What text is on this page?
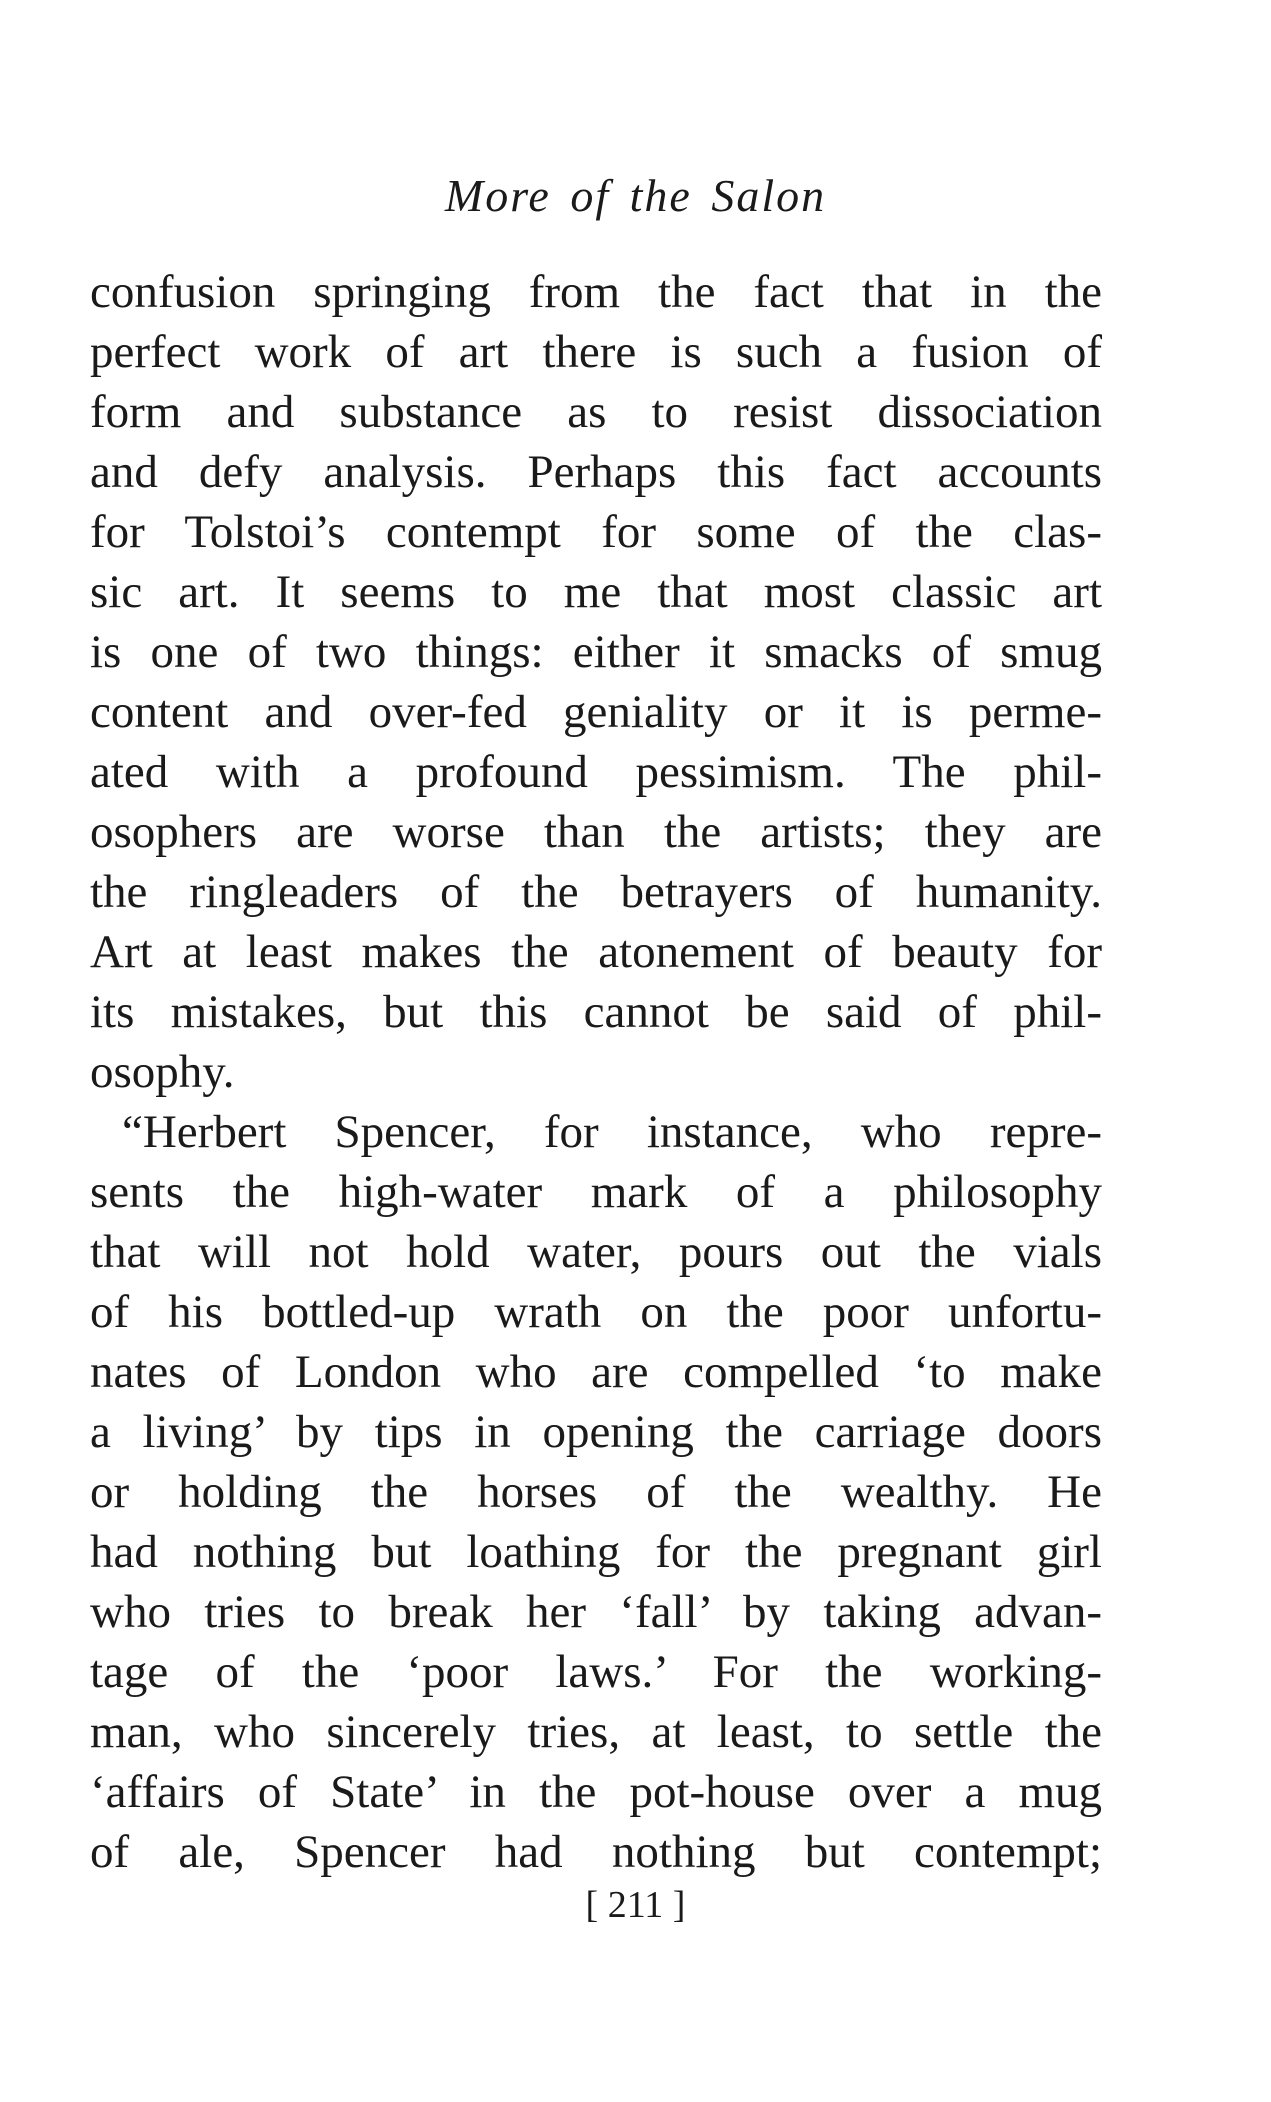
More of the Salon
confusion springing from the fact that in the
perfect work of art there is such a fusion of
form and substance as to resist dissociation
and defy analysis. Perhaps this fact accounts
for Tolstoi’s contempt for some of the clas-
sic art. It seems to me that most classic art
is one of two things: either it smacks of smug
content and over-fed geniality or it is perme-
ated with a profound pessimism. The phil-
osophers are worse than the artists; they are
the ringleaders of the betrayers of humanity.
Art at least makes the atonement of beauty for
its mistakes, but this cannot be said of phil-
osophy.
“Herbert Spencer, for instance, who repre-
sents the high-water mark of a philosophy
that will not hold water, pours out the vials
of his bottled-up wrath on the poor unfortu-
nates of London who are compelled ‘to make
a living’ by tips in opening the carriage doors
or holding the horses of the wealthy. He
had nothing but loathing for the pregnant girl
who tries to break her ‘fall’ by taking advan-
tage of the ‘poor laws.’ For the working-
man, who sincerely tries, at least, to settle the
‘affairs of State’ in the pot-house over a mug
of ale, Spencer had nothing but contempt;
[ 211 ]
